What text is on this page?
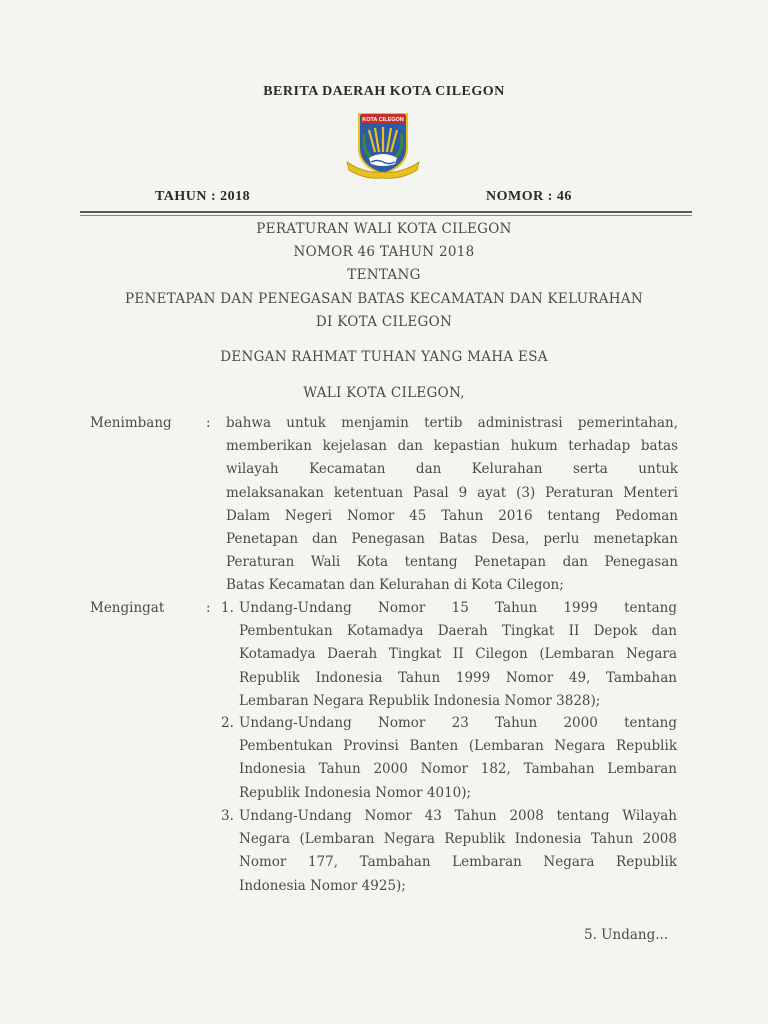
BERITA DAERAH KOTA CILEGON
KOTA CILEGON
TAHUN : 2018	NOMOR : 46
PERATURAN WALI KOTA CILEGON
NOMOR 46 TAHUN 2018
TENTANG
PENETAPAN DAN PENEGASAN BATAS KECAMATAN DAN KELURAHAN
DI KOTA CILEGON
DENGAN RAHMAT TUHAN YANG MAHA ESA
WALI KOTA CILEGON,
Menimbang	: bahwa untuk menjamin tertib administrasi pemerintahan,
memberikan kejelasan dan kepastian hukum terhadap batas
wilayah Kecamatan dan Kelurahan serta untuk
melaksanakan ketentuan Pasal 9 ayat (3) Peraturan Menteri
Dalam Negeri Nomor 45 Tahun 2016 tentang Pedoman
Penetapan dan Penegasan Batas Desa, perlu menetapkan
Peraturan Wali Kota tentang Penetapan dan Penegasan
Batas Kecamatan dan Kelurahan di Kota Cilegon;
Mengingat	: 1. Undang-Undang Nomor 15 Tahun 1999 tentang
Pembentukan Kotamadya Daerah Tingkat II Depok dan
Kotamadya Daerah Tingkat II Cilegon (Lembaran Negara
Republik Indonesia Tahun 1999 Nomor 49, Tambahan
Lembaran Negara Republik Indonesia Nomor 3828);
2. Undang-Undang Nomor 23 Tahun 2000 tentang
Pembentukan Provinsi Banten (Lembaran Negara Republik
Indonesia Tahun 2000 Nomor 182, Tambahan Lembaran
Republik Indonesia Nomor 4010);
3. Undang-Undang Nomor 43 Tahun 2008 tentang Wilayah
Negara (Lembaran Negara Republik Indonesia Tahun 2008
Nomor 177, Tambahan Lembaran Negara Republik
Indonesia Nomor 4925);
5. Undang...
